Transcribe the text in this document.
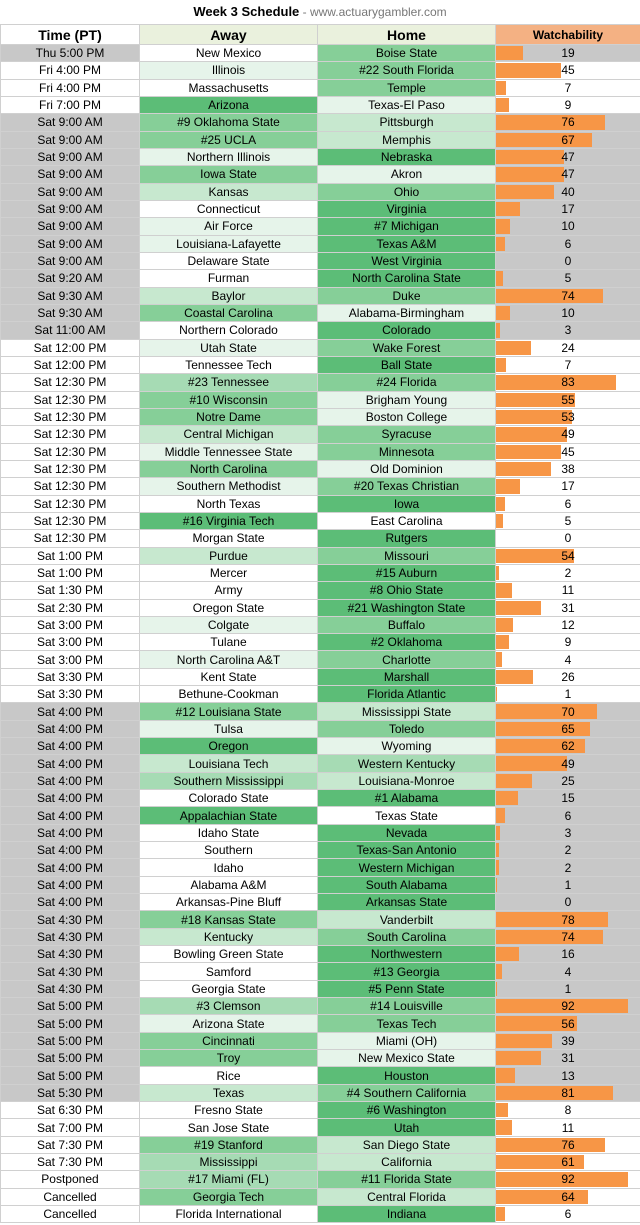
Week 3 Schedule - www.actuarygambler.com
Time (PT)	Away	Home	Watchability
Thu 5:00 PM	New Mexico	Boise State	19
Fri 4:00 PM	Illinois	#22 South Florida	45
Fri 4:00 PM	Massachusetts	Temple	7
Fri 7:00 PM	Arizona	Texas-El Paso	9
Sat 9:00 AM	#9 Oklahoma State	Pittsburgh	76
Sat 9:00 AM	#25 UCLA	Memphis	67
Sat 9:00 AM	Northern Illinois	Nebraska	47
Sat 9:00 AM	Iowa State	Akron	47
Sat 9:00 AM	Kansas	Ohio	40
Sat 9:00 AM	Connecticut	Virginia	17
Sat 9:00 AM	Air Force	#7 Michigan	10
Sat 9:00 AM	Louisiana-Lafayette	Texas A&M	6
Sat 9:00 AM	Delaware State	West Virginia	0
Sat 9:20 AM	Furman	North Carolina State	5
Sat 9:30 AM	Baylor	Duke	74
Sat 9:30 AM	Coastal Carolina	Alabama-Birmingham	10
Sat 11:00 AM	Northern Colorado	Colorado	3
Sat 12:00 PM	Utah State	Wake Forest	24
Sat 12:00 PM	Tennessee Tech	Ball State	7
Sat 12:30 PM	#23 Tennessee	#24 Florida	83
Sat 12:30 PM	#10 Wisconsin	Brigham Young	55
Sat 12:30 PM	Notre Dame	Boston College	53
Sat 12:30 PM	Central Michigan	Syracuse	49
Sat 12:30 PM	Middle Tennessee State	Minnesota	45
Sat 12:30 PM	North Carolina	Old Dominion	38
Sat 12:30 PM	Southern Methodist	#20 Texas Christian	17
Sat 12:30 PM	North Texas	Iowa	6
Sat 12:30 PM	#16 Virginia Tech	East Carolina	5
Sat 12:30 PM	Morgan State	Rutgers	0
Sat 1:00 PM	Purdue	Missouri	54
Sat 1:00 PM	Mercer	#15 Auburn	2
Sat 1:30 PM	Army	#8 Ohio State	11
Sat 2:30 PM	Oregon State	#21 Washington State	31
Sat 3:00 PM	Colgate	Buffalo	12
Sat 3:00 PM	Tulane	#2 Oklahoma	9
Sat 3:00 PM	North Carolina A&T	Charlotte	4
Sat 3:30 PM	Kent State	Marshall	26
Sat 3:30 PM	Bethune-Cookman	Florida Atlantic	1
Sat 4:00 PM	#12 Louisiana State	Mississippi State	70
Sat 4:00 PM	Tulsa	Toledo	65
Sat 4:00 PM	Oregon	Wyoming	62
Sat 4:00 PM	Louisiana Tech	Western Kentucky	49
Sat 4:00 PM	Southern Mississippi	Louisiana-Monroe	25
Sat 4:00 PM	Colorado State	#1 Alabama	15
Sat 4:00 PM	Appalachian State	Texas State	6
Sat 4:00 PM	Idaho State	Nevada	3
Sat 4:00 PM	Southern	Texas-San Antonio	2
Sat 4:00 PM	Idaho	Western Michigan	2
Sat 4:00 PM	Alabama A&M	South Alabama	1
Sat 4:00 PM	Arkansas-Pine Bluff	Arkansas State	0
Sat 4:30 PM	#18 Kansas State	Vanderbilt	78
Sat 4:30 PM	Kentucky	South Carolina	74
Sat 4:30 PM	Bowling Green State	Northwestern	16
Sat 4:30 PM	Samford	#13 Georgia	4
Sat 4:30 PM	Georgia State	#5 Penn State	1
Sat 5:00 PM	#3 Clemson	#14 Louisville	92
Sat 5:00 PM	Arizona State	Texas Tech	56
Sat 5:00 PM	Cincinnati	Miami (OH)	39
Sat 5:00 PM	Troy	New Mexico State	31
Sat 5:00 PM	Rice	Houston	13
Sat 5:30 PM	Texas	#4 Southern California	81
Sat 6:30 PM	Fresno State	#6 Washington	8
Sat 7:00 PM	San Jose State	Utah	11
Sat 7:30 PM	#19 Stanford	San Diego State	76
Sat 7:30 PM	Mississippi	California	61
Postponed	#17 Miami (FL)	#11 Florida State	92
Cancelled	Georgia Tech	Central Florida	64
Cancelled	Florida International	Indiana	6
